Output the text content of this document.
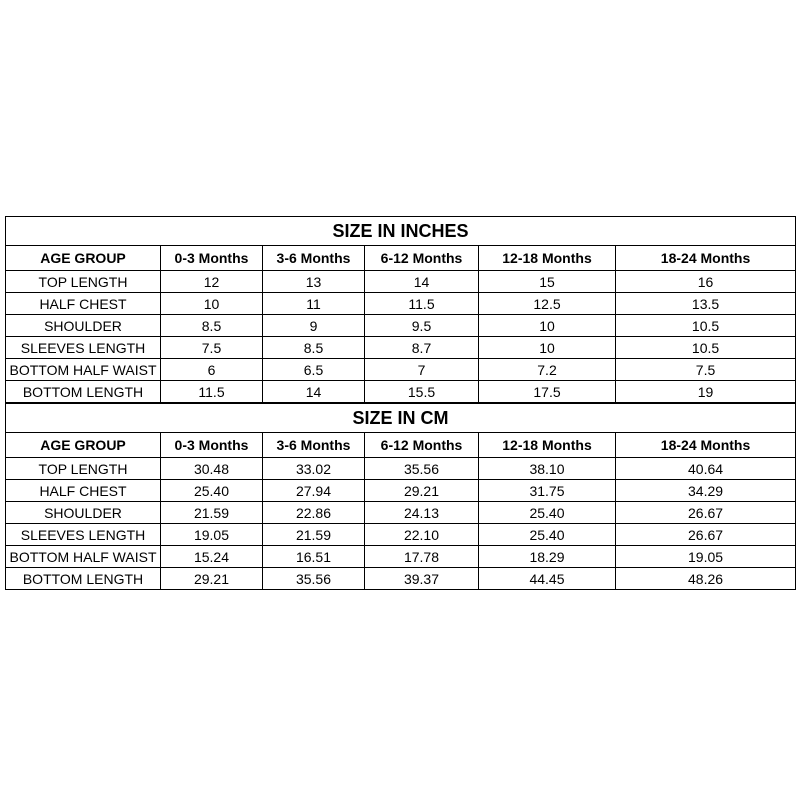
SIZE IN INCHES					
AGE GROUP	0-3 Months	3-6 Months	6-12 Months	12-18 Months	18-24 Months
TOP LENGTH	12	13	14	15	16
HALF CHEST	10	11	11.5	12.5	13.5
SHOULDER	8.5	9	9.5	10	10.5
SLEEVES LENGTH	7.5	8.5	8.7	10	10.5
BOTTOM HALF WAIST	6	6.5	7	7.2	7.5
BOTTOM LENGTH	11.5	14	15.5	17.5	19
SIZE IN CM					
AGE GROUP	0-3 Months	3-6 Months	6-12 Months	12-18 Months	18-24 Months
TOP LENGTH	30.48	33.02	35.56	38.10	40.64
HALF CHEST	25.40	27.94	29.21	31.75	34.29
SHOULDER	21.59	22.86	24.13	25.40	26.67
SLEEVES LENGTH	19.05	21.59	22.10	25.40	26.67
BOTTOM HALF WAIST	15.24	16.51	17.78	18.29	19.05
BOTTOM LENGTH	29.21	35.56	39.37	44.45	48.26
